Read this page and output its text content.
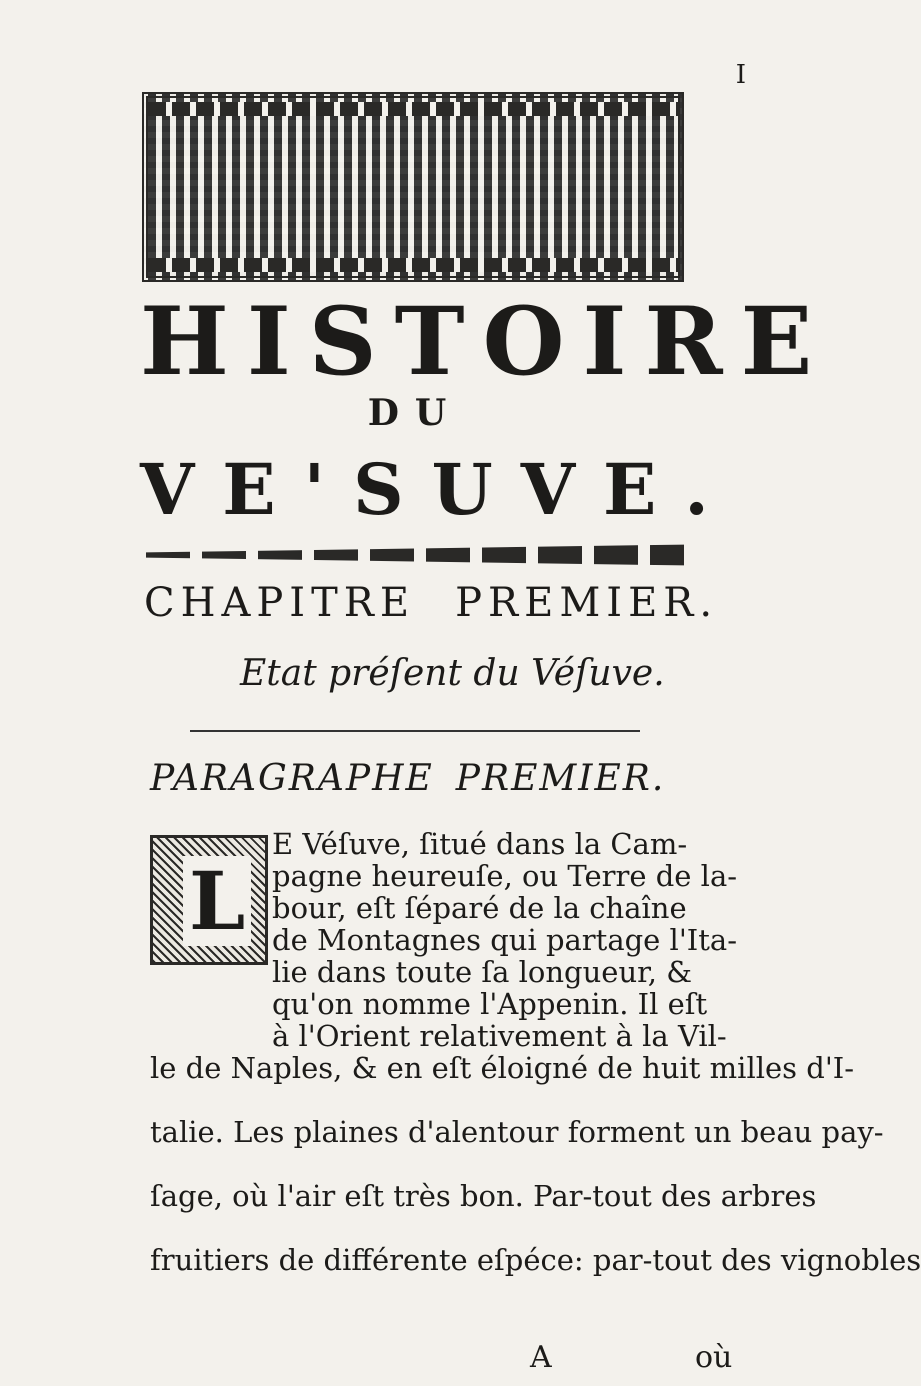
I
HISTOIRE
DU
VE'SUVE.
CHAPITRE PREMIER.
Etat préſent du Véſuve.
PARAGRAPHE PREMIER.
L
E Véſuve, ſitué dans la Cam-
pagne heureuſe, ou Terre de la-
bour, eſt ſéparé de la chaîne
de Montagnes qui partage l'Ita-
lie dans toute ſa longueur, &
qu'on nomme l'Appenin. Il eſt
à l'Orient relativement à la Vil-
le de Naples, & en eſt éloigné de huit milles d'I-
talie. Les plaines d'alentour forment un beau pay-
ſage, où l'air eſt très bon. Par-tout des arbres
fruitiers de différente eſpéce: par-tout des vignobles
A	où
